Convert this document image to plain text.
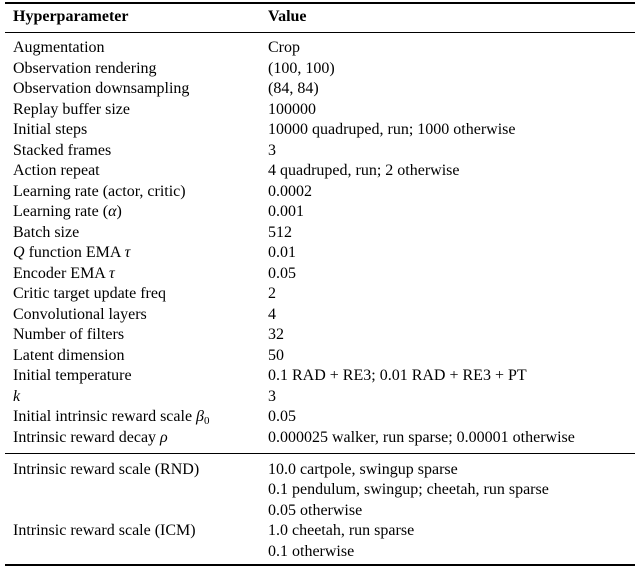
Hyperparameter	Value
Augmentation	Crop
Observation rendering	(100, 100)
Observation downsampling	(84, 84)
Replay buffer size	100000
Initial steps	10000 quadruped, run; 1000 otherwise
Stacked frames	3
Action repeat	4 quadruped, run; 2 otherwise
Learning rate (actor, critic)	0.0002
Learning rate (α)	0.001
Batch size	512
Q function EMA τ	0.01
Encoder EMA τ	0.05
Critic target update freq	2
Convolutional layers	4
Number of filters	32
Latent dimension	50
Initial temperature	0.1 RAD + RE3; 0.01 RAD + RE3 + PT
k	3
Initial intrinsic reward scale $\beta_0$	0.05
Intrinsic reward decay ρ	0.000025 walker, run sparse; 0.00001 otherwise
Intrinsic reward scale (RND)	10.0 cartpole, swingup sparse
0.1 pendulum, swingup; cheetah, run sparse
0.05 otherwise
Intrinsic reward scale (ICM)	1.0 cheetah, run sparse
0.1 otherwise
